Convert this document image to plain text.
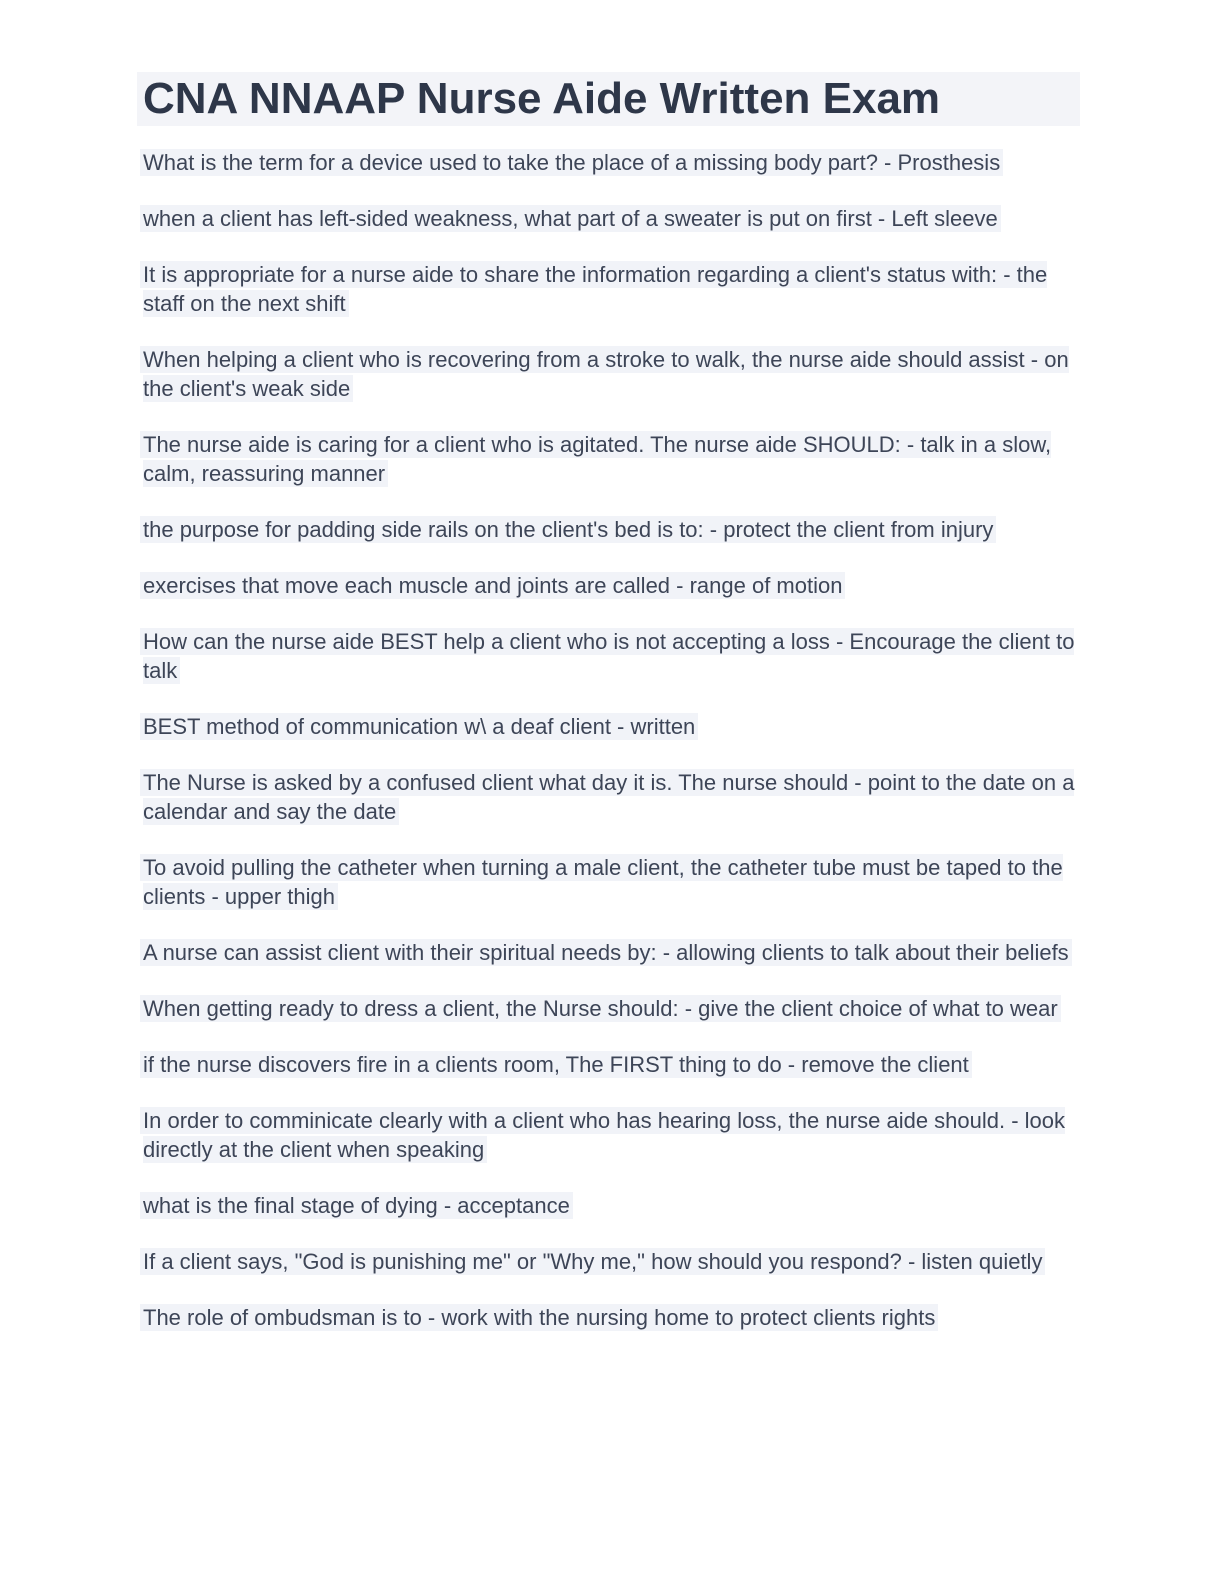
CNA NNAAP Nurse Aide Written Exam

What is the term for a device used to take the place of a missing body part? - Prosthesis

when a client has left-sided weakness, what part of a sweater is put on first - Left sleeve

It is appropriate for a nurse aide to share the information regarding a client's status with: - the staff on the next shift

When helping a client who is recovering from a stroke to walk, the nurse aide should assist - on the client's weak side

The nurse aide is caring for a client who is agitated. The nurse aide SHOULD: - talk in a slow, calm, reassuring manner

the purpose for padding side rails on the client's bed is to: - protect the client from injury

exercises that move each muscle and joints are called - range of motion

How can the nurse aide BEST help a client who is not accepting a loss - Encourage the client to talk

BEST method of communication w\ a deaf client - written

The Nurse is asked by a confused client what day it is. The nurse should - point to the date on a calendar and say the date

To avoid pulling the catheter when turning a male client, the catheter tube must be taped to the clients - upper thigh

A nurse can assist client with their spiritual needs by: - allowing clients to talk about their beliefs

When getting ready to dress a client, the Nurse should: - give the client choice of what to wear

if the nurse discovers fire in a clients room, The FIRST thing to do - remove the client

In order to comminicate clearly with a client who has hearing loss, the nurse aide should. - look directly at the client when speaking

what is the final stage of dying - acceptance

If a client says, "God is punishing me" or "Why me," how should you respond? - listen quietly

The role of ombudsman is to - work with the nursing home to protect clients rights
